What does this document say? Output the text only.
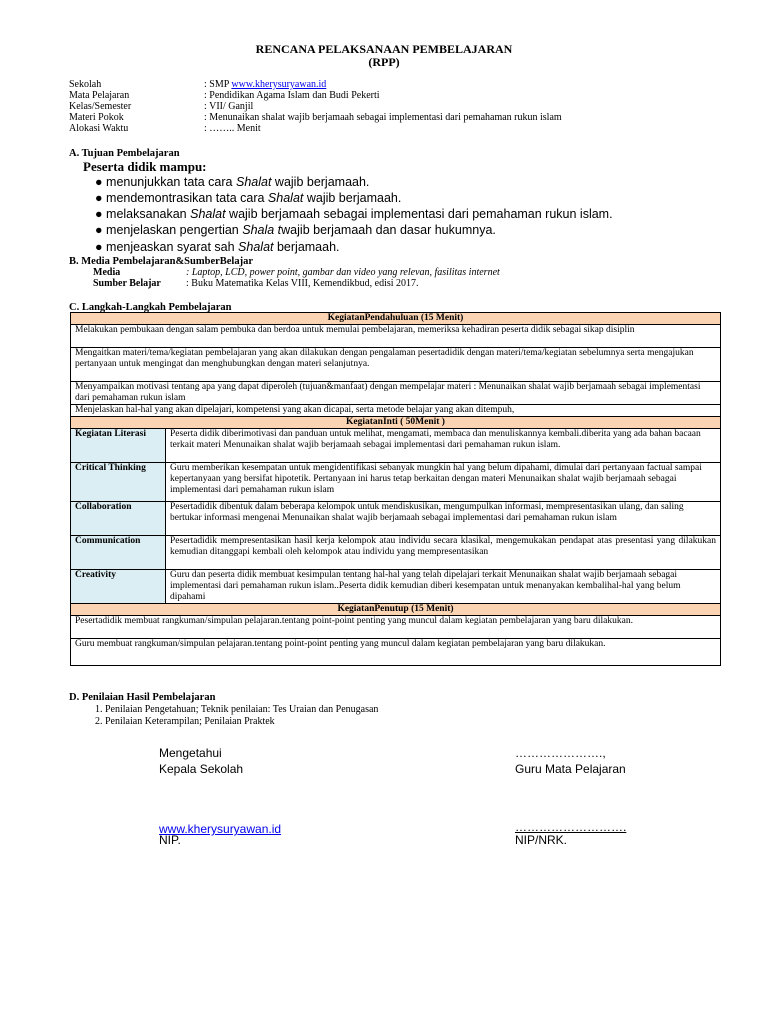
RENCANA PELAKSANAAN PEMBELAJARAN
(RPP)
Sekolah	: SMP www.kherysuryawan.id
Mata Pelajaran	: Pendidikan Agama Islam dan Budi Pekerti
Kelas/Semester	: VII/ Ganjil
Materi Pokok	: Menunaikan shalat wajib berjamaah sebagai implementasi dari pemahaman rukun islam
Alokasi Waktu	: …….. Menit
A. Tujuan Pembelajaran
Peserta didik mampu:
● menunjukkan tata cara Shalat wajib berjamaah.
● mendemontrasikan tata cara Shalat wajib berjamaah.
● melaksanakan Shalat wajib berjamaah sebagai implementasi dari pemahaman rukun islam.
● menjelaskan pengertian Shala twajib berjamaah dan dasar hukumnya.
● menjeaskan syarat sah Shalat berjamaah.
B. Media Pembelajaran&SumberBelajar
Media	: Laptop, LCD, power point, gambar dan video yang relevan, fasilitas internet
Sumber Belajar	: Buku Matematika Kelas VIII, Kemendikbud, edisi 2017.
C. Langkah-Langkah Pembelajaran
KegiatanPendahuluan (15 Menit)	

Melakukan pembukaan dengan salam pembuka dan berdoa untuk memulai pembelajaran, memeriksa kehadiran peserta didik sebagai sikap disiplin	

Mengaitkan materi/tema/kegiatan pembelajaran yang akan dilakukan dengan pengalaman pesertadidik dengan materi/tema/kegiatan sebelumnya serta mengajukan pertanyaan untuk mengingat dan menghubungkan dengan materi selanjutnya.	

Menyampaikan motivasi tentang apa yang dapat diperoleh (tujuan&manfaat) dengan mempelajar materi : Menunaikan shalat wajib berjamaah sebagai implementasi dari pemahaman rukun islam	

Menjelaskan hal-hal yang akan dipelajari, kompetensi yang akan dicapai, serta metode belajar yang akan ditempuh,	

KegiatanInti ( 50Menit )	
Kegiatan Literasi	Peserta didik diberimotivasi dan panduan untuk melihat, mengamati, membaca dan menuliskannya kembali.diberita yang ada bahan bacaan terkait materi Menunaikan shalat wajib berjamaah sebagai implementasi dari pemahaman rukun islam.

Critical Thinking	Guru memberikan kesempatan untuk mengidentifikasi sebanyak mungkin hal yang belum dipahami, dimulai dari pertanyaan factual sampai kepertanyaan yang bersifat hipotetik. Pertanyaan ini harus tetap berkaitan dengan materi Menunaikan shalat wajib berjamaah sebagai implementasi dari pemahaman rukun islam

Collaboration	Pesertadidik dibentuk dalam beberapa kelompok untuk mendiskusikan, mengumpulkan informasi, mempresentasikan ulang, dan saling bertukar informasi mengenai Menunaikan shalat wajib berjamaah sebagai implementasi dari pemahaman rukun islam

Communication	Pesertadidik mempresentasikan hasil kerja kelompok atau individu secara klasikal, mengemukakan pendapat atas presentasi yang dilakukan kemudian ditanggapi kembali oleh kelompok atau individu yang mempresentasikan

Creativity	Guru dan peserta didik membuat kesimpulan tentang hal-hal yang telah dipelajari terkait Menunaikan shalat wajib berjamaah sebagai implementasi dari pemahaman rukun islam..Peserta didik kemudian diberi kesempatan untuk menanyakan kembalihal-hal yang belum dipahami

KegiatanPenutup (15 Menit)	

Pesertadidik membuat rangkuman/simpulan pelajaran.tentang point-point penting yang muncul dalam kegiatan pembelajaran yang baru dilakukan.	

Guru membuat rangkuman/simpulan pelajaran.tentang point-point penting yang muncul dalam kegiatan pembelajaran yang baru dilakukan.	
D. Penilaian Hasil Pembelajaran
1. Penilaian Pengetahuan; Teknik penilaian: Tes Uraian dan Penugasan
2. Penilaian Keterampilan; Penilaian Praktek
Mengetahui
Kepala Sekolah
www.kherysuryawan.id
NIP.
………………….,
Guru Mata Pelajaran
……………………….
NIP/NRK.
